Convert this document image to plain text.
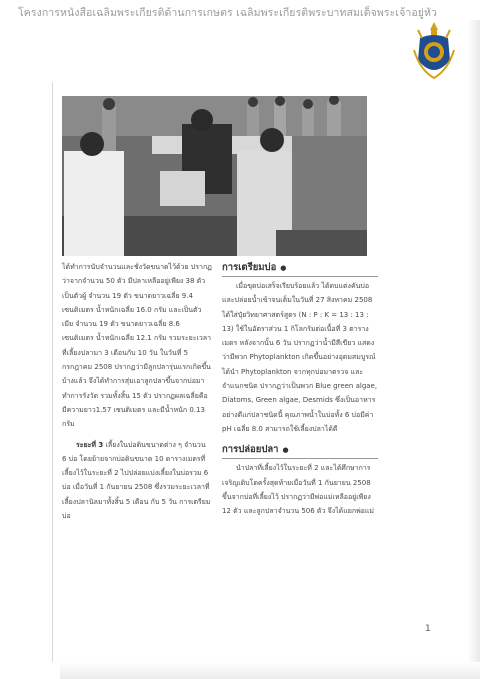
โครงการหนังสือเฉลิมพระเกียรติด้านการเกษตร เฉลิมพระเกียรติพระบาทสมเด็จพระเจ้าอยู่หัว

ได้ทำการนับจำนวนและชั่งวัดขนาดไว้ด้วย ปรากฏว่าจากจำนวน 50 ตัว มีปลาเหลืออยู่เพียง 38 ตัว เป็นตัวผู้ จำนวน 19 ตัว ขนาดยาวเฉลี่ย 9.4 เซนติเมตร น้ำหนักเฉลี่ย 16.0 กรัม และเป็นตัวเมีย จำนวน 19 ตัว ขนาดยาวเฉลี่ย 8.6 เซนติเมตร น้ำหนักเฉลี่ย 12.1 กรัม รวมระยะเวลาที่เลี้ยงปลามา 3 เดือนกับ 10 วัน ในวันที่ 5 กรกฎาคม 2508 ปรากฏว่ามีลูกปลารุ่นแรกเกิดขึ้นบ้างแล้ว จึงได้ทำการสุ่มเอาลูกปลาขึ้นจากบ่อมาทำการรังวัด รวมทั้งสิ้น 15 ตัว ปรากฏผลเฉลี่ยคือ มีความยาว1.57 เซนติเมตร และมีน้ำหนัก 0.13 กรัม

ระยะที่ 3 เลี้ยงในบ่อดินขนาดต่าง ๆ จำนวน 6 บ่อ โดยย้ายจากบ่อดินขนาด 10 ตารางเมตรที่เลี้ยงไว้ในระยะที่ 2 ไปปล่อยแบ่งเลี้ยงในบ่อรวม 6 บ่อ เมื่อวันที่ 1 กันยายน 2508 ซึ่งรวมระยะเวลาที่เลี้ยงปลานิลมาทั้งสิ้น 5 เดือน กับ 5 วัน การเตรียมบ่อ

การเตรียมบ่อ ●

เมื่อขุดบ่อเสร็จเรียบร้อยแล้ว ได้ตบแต่งคันบ่อและปล่อยน้ำเข้าจนเต็มในวันที่ 27 สิงหาคม 2508 ได้ใส่ปุ๋ยวิทยาศาสตร์สูตร (N : P : K = 13 : 13 : 13) ใช้ในอัตราส่วน 1 กิโลกรัมต่อเนื้อที่ 3 ตารางเมตร หลังจากนั้น 6 วัน ปรากฏว่าน้ำมีสีเขียว แสดงว่ามีพวก Phytoplankton เกิดขึ้นอย่างอุดมสมบูรณ์ ได้นำ Phytoplankton จากทุกบ่อมาตรวจ และจำแนกชนิด ปรากฏว่าเป็นพวก Blue green algae, Diatoms, Green algae, Desmids ซึ่งเป็นอาหารอย่างดีแก่ปลาชนิดนี้ คุณภาพน้ำในบ่อทั้ง 6 บ่อมีค่า pH เฉลี่ย 8.0 สามารถใช้เลี้ยงปลาได้ดี

การปล่อยปลา ●

นำปลาที่เลี้ยงไว้ในระยะที่ 2 และได้ศึกษาการเจริญเติบโตครั้งสุดท้ายเมื่อวันที่ 1 กันยายน 2508 ขึ้นจากบ่อที่เลี้ยงไว้ ปรากฏว่ามีพ่อแม่เหลืออยู่เพียง 12 ตัว และลูกปลาจำนวน 506 ตัว จึงได้แยกพ่อแม่

1
